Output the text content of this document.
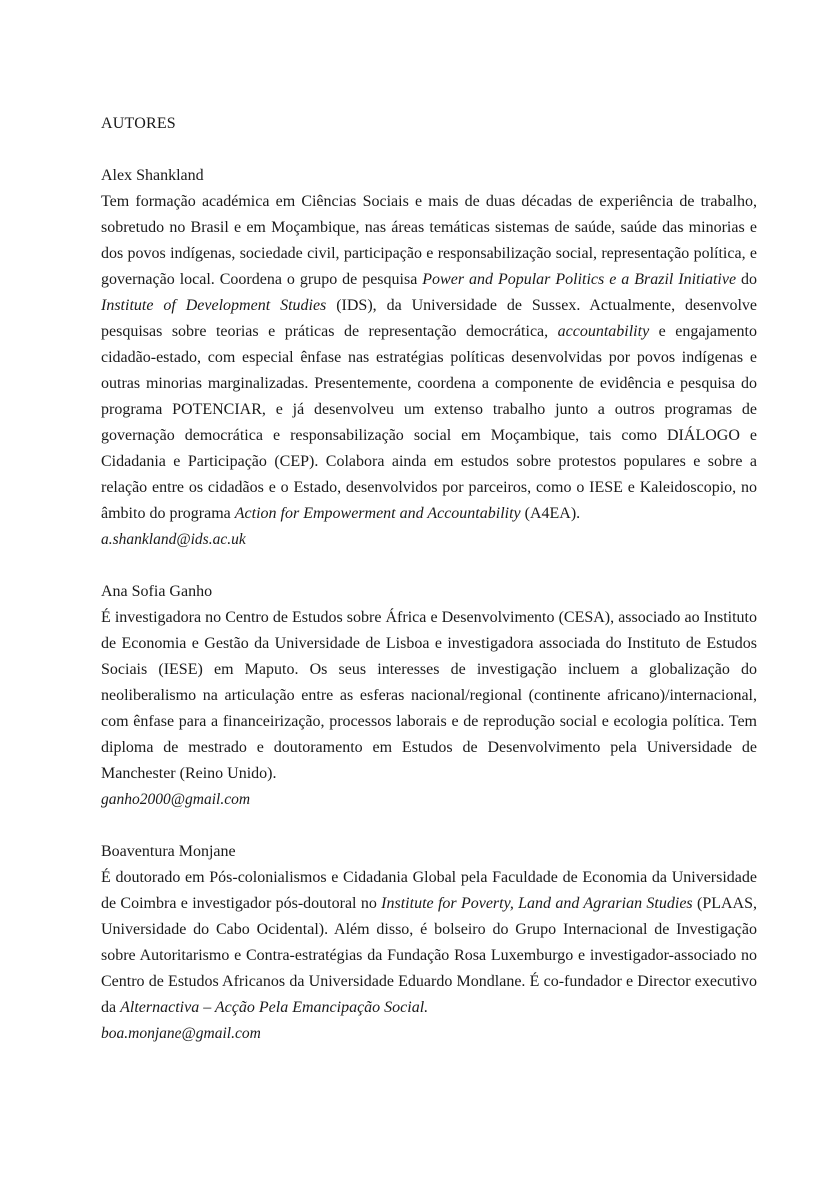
AUTORES

Alex Shankland

Tem formação académica em Ciências Sociais e mais de duas décadas de experiência de trabalho, sobretudo no Brasil e em Moçambique, nas áreas temáticas sistemas de saúde, saúde das minorias e dos povos indígenas, sociedade civil, participação e responsabilização social, representação política, e governação local. Coordena o grupo de pesquisa Power and Popular Politics e a Brazil Initiative do Institute of Development Studies (IDS), da Universidade de Sussex. Actualmente, desenvolve pesquisas sobre teorias e práticas de representação democrática, accountability e engajamento cidadão-estado, com especial ênfase nas estratégias políticas desenvolvidas por povos indígenas e outras minorias marginalizadas. Presentemente, coordena a componente de evidência e pesquisa do programa POTENCIAR, e já desenvolveu um extenso trabalho junto a outros programas de governação democrática e responsabilização social em Moçambique, tais como DIÁLOGO e Cidadania e Participação (CEP). Colabora ainda em estudos sobre protestos populares e sobre a relação entre os cidadãos e o Estado, desenvolvidos por parceiros, como o IESE e Kaleidoscopio, no âmbito do programa Action for Empowerment and Accountability (A4EA).

a.shankland@ids.ac.uk

Ana Sofia Ganho

É investigadora no Centro de Estudos sobre África e Desenvolvimento (CESA), associado ao Instituto de Economia e Gestão da Universidade de Lisboa e investigadora associada do Instituto de Estudos Sociais (IESE) em Maputo. Os seus interesses de investigação incluem a globalização do neoliberalismo na articulação entre as esferas nacional/regional (continente africano)/internacional, com ênfase para a financeirização, processos laborais e de reprodução social e ecologia política. Tem diploma de mestrado e doutoramento em Estudos de Desenvolvimento pela Universidade de Manchester (Reino Unido).

ganho2000@gmail.com

Boaventura Monjane

É doutorado em Pós-colonialismos e Cidadania Global pela Faculdade de Economia da Universidade de Coimbra e investigador pós-doutoral no Institute for Poverty, Land and Agrarian Studies (PLAAS, Universidade do Cabo Ocidental). Além disso, é bolseiro do Grupo Internacional de Investigação sobre Autoritarismo e Contra-estratégias da Fundação Rosa Luxemburgo e investigador-associado no Centro de Estudos Africanos da Universidade Eduardo Mondlane. É co-fundador e Director executivo da Alternactiva – Acção Pela Emancipação Social.

boa.monjane@gmail.com
